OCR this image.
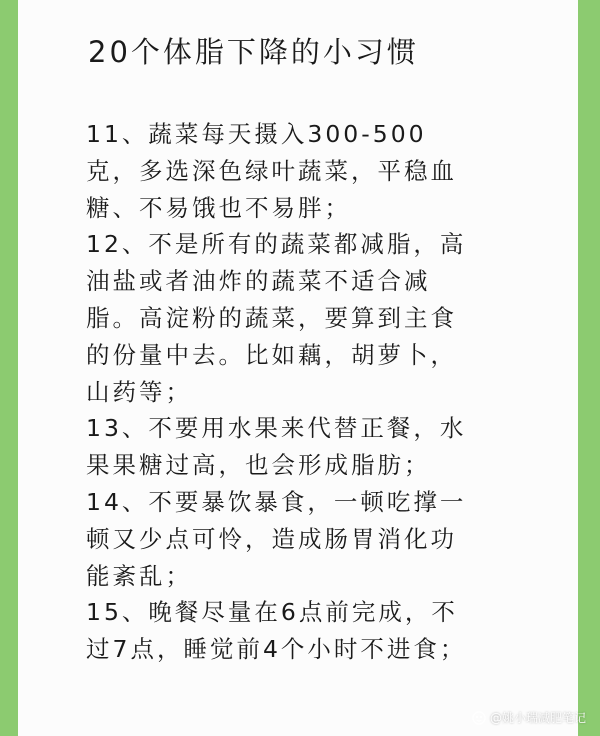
20个体脂下降的小习惯
11、蔬菜每天摄入300-500
克，多选深色绿叶蔬菜，平稳血
糖、不易饿也不易胖；
12、不是所有的蔬菜都减脂，高
油盐或者油炸的蔬菜不适合减
脂。高淀粉的蔬菜，要算到主食
的份量中去。比如藕，胡萝卜，
山药等；
13、不要用水果来代替正餐，水
果果糖过高，也会形成脂肪；
14、不要暴饮暴食，一顿吃撑一
顿又少点可怜，造成肠胃消化功
能紊乱；
15、晚餐尽量在6点前完成，不
过7点，睡觉前4个小时不进食；
@姚小瑞减肥笔记
